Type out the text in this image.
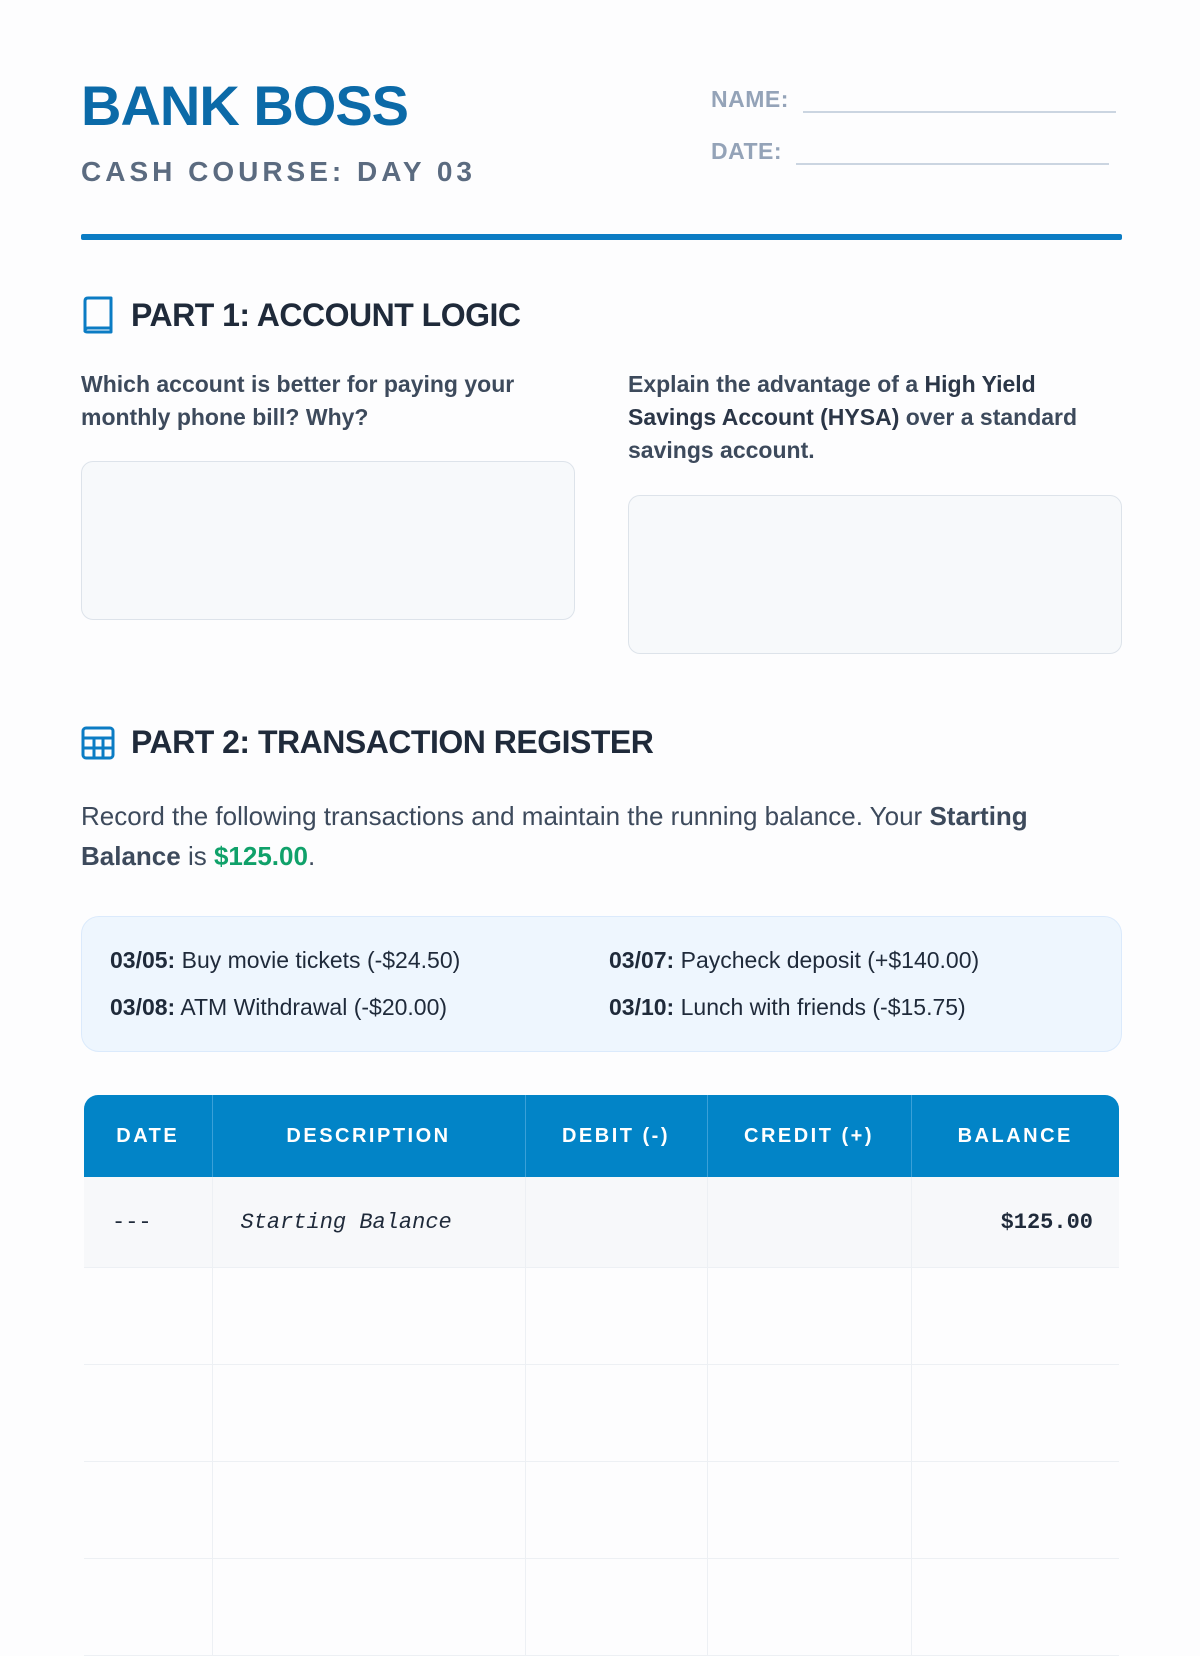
BANK BOSS
CASH COURSE: DAY 03
NAME:
DATE:
PART 1: ACCOUNT LOGIC
Which account is better for paying your monthly phone bill? Why?
Explain the advantage of a High Yield Savings Account (HYSA) over a standard savings account.
PART 2: TRANSACTION REGISTER
Record the following transactions and maintain the running balance. Your Starting Balance is $125.00.
03/05: Buy movie tickets (-$24.50)	03/07: Paycheck deposit (+$140.00)
03/08: ATM Withdrawal (-$20.00)	03/10: Lunch with friends (-$15.75)
DATE	DESCRIPTION	DEBIT (-)	CREDIT (+)	BALANCE
---	Starting Balance			$125.00
